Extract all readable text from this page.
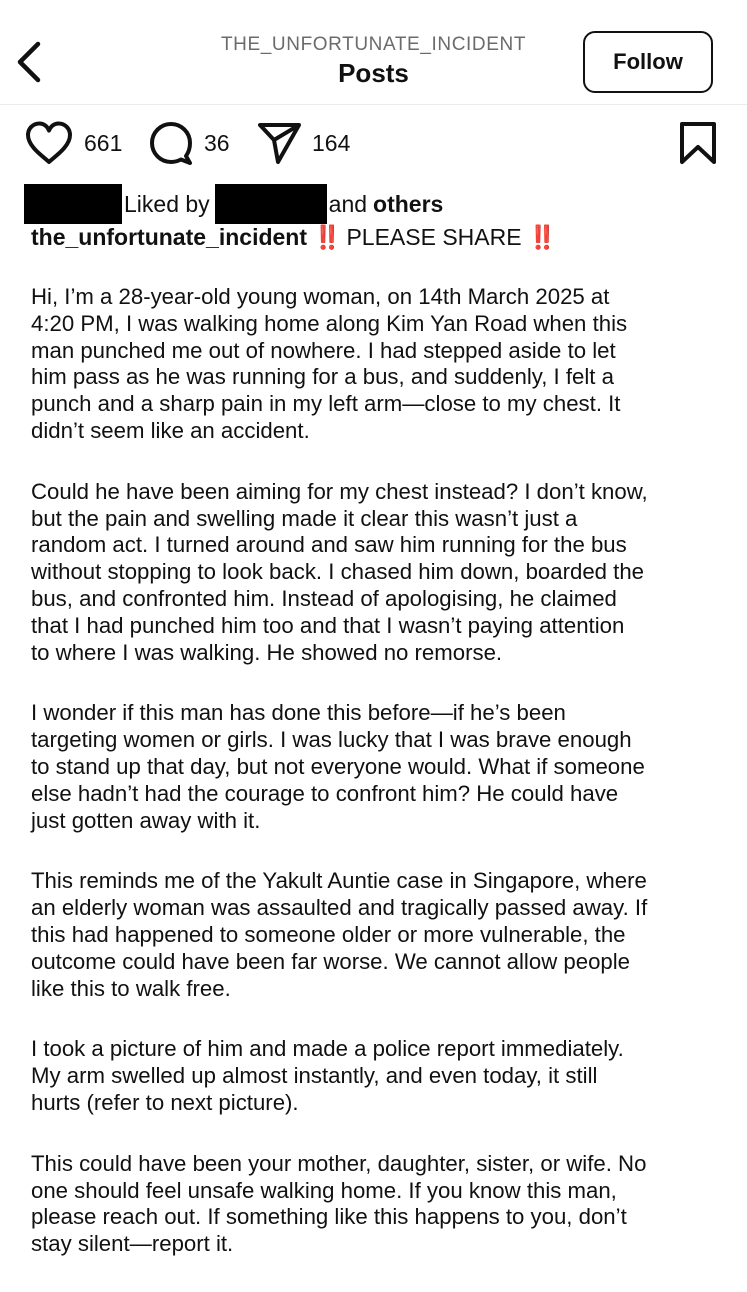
THE_UNFORTUNATE_INCIDENT
Posts	Follow
661	36	164
Liked by	and others
the_unfortunate_incident ‼️ PLEASE SHARE ‼️

Hi, I’m a 28-year-old young woman, on 14th March 2025 at
4:20 PM, I was walking home along Kim Yan Road when this
man punched me out of nowhere. I had stepped aside to let
him pass as he was running for a bus, and suddenly, I felt a
punch and a sharp pain in my left arm—close to my chest. It
didn’t seem like an accident.

Could he have been aiming for my chest instead? I don’t know,
but the pain and swelling made it clear this wasn’t just a
random act. I turned around and saw him running for the bus
without stopping to look back. I chased him down, boarded the
bus, and confronted him. Instead of apologising, he claimed
that I had punched him too and that I wasn’t paying attention
to where I was walking. He showed no remorse.

I wonder if this man has done this before—if he’s been
targeting women or girls. I was lucky that I was brave enough
to stand up that day, but not everyone would. What if someone
else hadn’t had the courage to confront him? He could have
just gotten away with it.

This reminds me of the Yakult Auntie case in Singapore, where
an elderly woman was assaulted and tragically passed away. If
this had happened to someone older or more vulnerable, the
outcome could have been far worse. We cannot allow people
like this to walk free.

I took a picture of him and made a police report immediately.
My arm swelled up almost instantly, and even today, it still
hurts (refer to next picture).

This could have been your mother, daughter, sister, or wife. No
one should feel unsafe walking home. If you know this man,
please reach out. If something like this happens to you, don’t
stay silent—report it.
